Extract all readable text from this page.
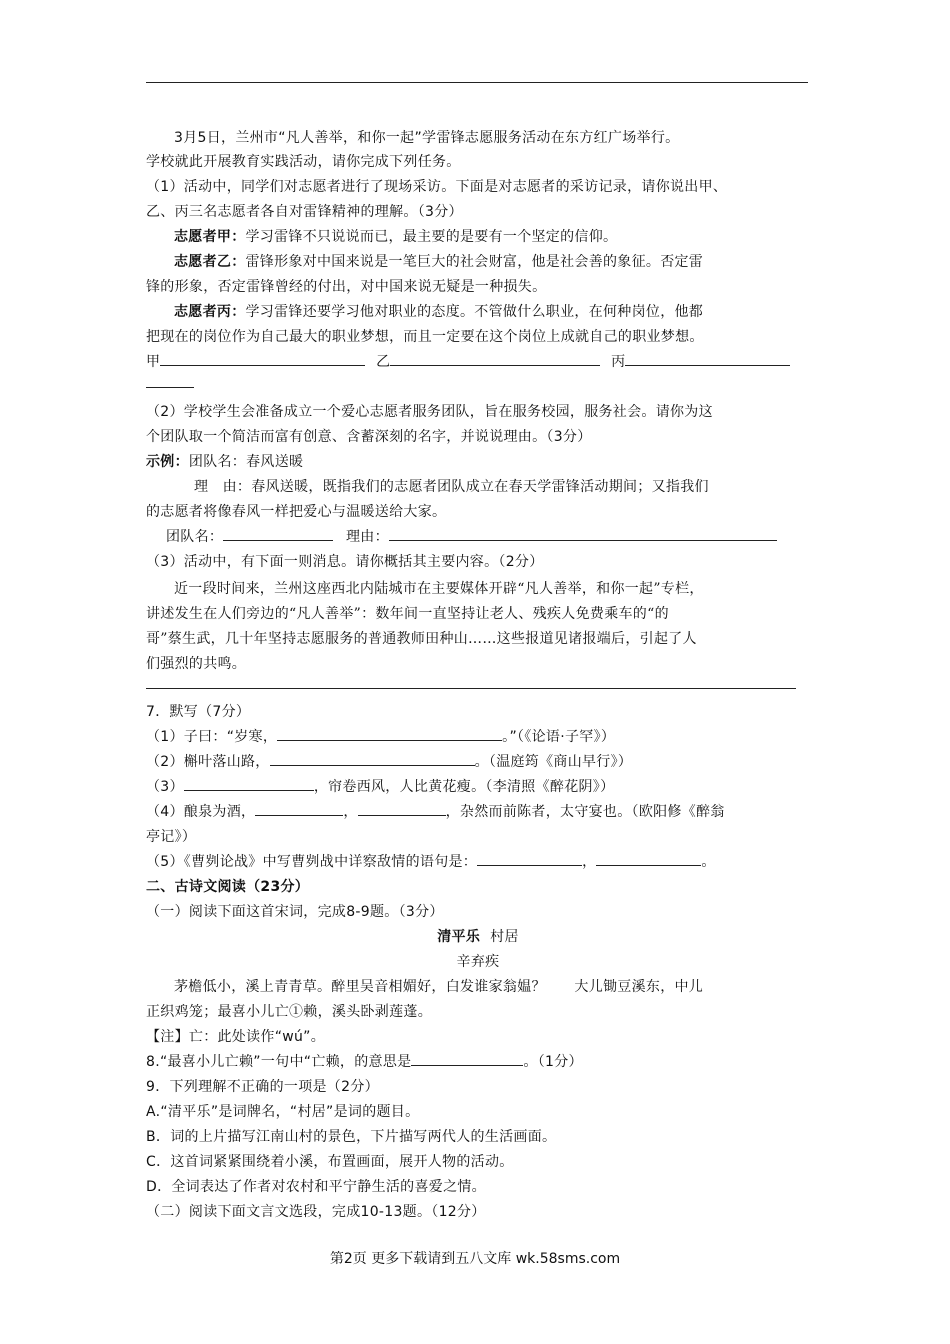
3月5日，兰州市“凡人善举，和你一起”学雷锋志愿服务活动在东方红广场举行。
学校就此开展教育实践活动，请你完成下列任务。
（1）活动中，同学们对志愿者进行了现场采访。下面是对志愿者的采访记录，请你说出甲、
乙、丙三名志愿者各自对雷锋精神的理解。（3分）
志愿者甲：学习雷锋不只说说而已，最主要的是要有一个坚定的信仰。
志愿者乙：雷锋形象对中国来说是一笔巨大的社会财富，他是社会善的象征。否定雷
锋的形象，否定雷锋曾经的付出，对中国来说无疑是一种损失。
志愿者丙：学习雷锋还要学习他对职业的态度。不管做什么职业，在何种岗位，他都
把现在的岗位作为自己最大的职业梦想，而且一定要在这个岗位上成就自己的职业梦想。
甲	乙	丙
（2）学校学生会准备成立一个爱心志愿者服务团队，旨在服务校园，服务社会。请你为这
个团队取一个简洁而富有创意、含蓄深刻的名字，并说说理由。（3分）
示例：团队名：春风送暖
理　由：春风送暖，既指我们的志愿者团队成立在春天学雷锋活动期间；又指我们
的志愿者将像春风一样把爱心与温暖送给大家。
团队名：	理由：
（3）活动中，有下面一则消息。请你概括其主要内容。（2分）
近一段时间来，兰州这座西北内陆城市在主要媒体开辟“凡人善举，和你一起”专栏，
讲述发生在人们旁边的“凡人善举”：数年间一直坚持让老人、残疾人免费乘车的“的
哥”蔡生武，几十年坚持志愿服务的普通教师田种山……这些报道见诸报端后，引起了人
们强烈的共鸣。
7．默写（7分）
（1）子曰：“岁寒，	。”（《论语·子罕》）
（2）槲叶落山路，	。（温庭筠《商山早行》）
（3）	，帘卷西风，人比黄花瘦。（李清照《醉花阴》）
（4）酿泉为酒，	，	，杂然而前陈者，太守宴也。（欧阳修《醉翁
亭记》）
（5）《曹刿论战》中写曹刿战中详察敌情的语句是：	，	。
二、古诗文阅读（23分）
（一）阅读下面这首宋词，完成8-9题。（3分）
清平乐 村居
辛弃疾
茅檐低小，溪上青青草。醉里吴音相媚好，白发谁家翁媪？　　大儿锄豆溪东，中儿
正织鸡笼；最喜小儿亡①赖，溪头卧剥莲蓬。
【注】亡：此处读作“wú”。
8.“最喜小儿亡赖”一句中“亡赖，的意思是	。（1分）
9．下列理解不正确的一项是（2分）
A.“清平乐”是词牌名，“村居”是词的题目。
B．词的上片描写江南山村的景色，下片描写两代人的生活画面。
C．这首词紧紧围绕着小溪，布置画面，展开人物的活动。
D．全词表达了作者对农村和平宁静生活的喜爱之情。
（二）阅读下面文言文选段，完成10-13题。（12分）
第2页 更多下载请到五八文库 wk.58sms.com
